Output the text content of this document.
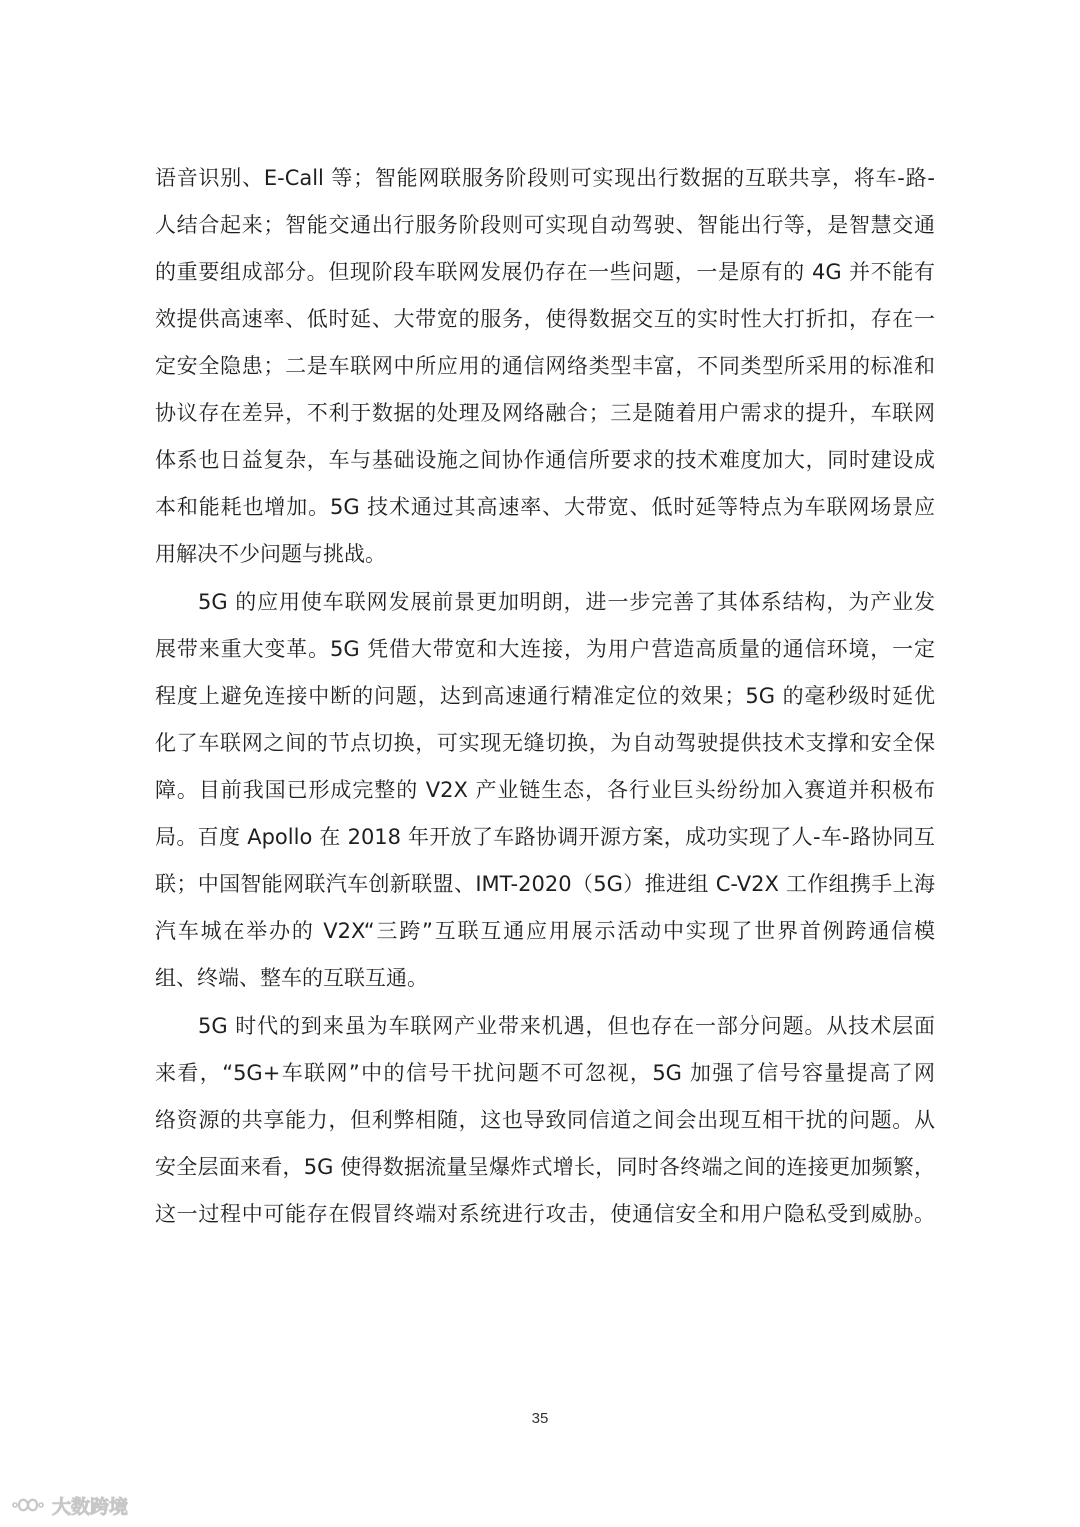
语音识别、E-Call 等；智能网联服务阶段则可实现出行数据的互联共享，将车-路-
人结合起来；智能交通出行服务阶段则可实现自动驾驶、智能出行等，是智慧交通
的重要组成部分。但现阶段车联网发展仍存在一些问题，一是原有的 4G 并不能有
效提供高速率、低时延、大带宽的服务，使得数据交互的实时性大打折扣，存在一
定安全隐患；二是车联网中所应用的通信网络类型丰富，不同类型所采用的标准和
协议存在差异，不利于数据的处理及网络融合；三是随着用户需求的提升，车联网
体系也日益复杂，车与基础设施之间协作通信所要求的技术难度加大，同时建设成
本和能耗也增加。5G 技术通过其高速率、大带宽、低时延等特点为车联网场景应
用解决不少问题与挑战。
5G 的应用使车联网发展前景更加明朗，进一步完善了其体系结构，为产业发
展带来重大变革。5G 凭借大带宽和大连接，为用户营造高质量的通信环境，一定
程度上避免连接中断的问题，达到高速通行精准定位的效果；5G 的毫秒级时延优
化了车联网之间的节点切换，可实现无缝切换，为自动驾驶提供技术支撑和安全保
障。目前我国已形成完整的 V2X 产业链生态，各行业巨头纷纷加入赛道并积极布
局。百度 Apollo 在 2018 年开放了车路协调开源方案，成功实现了人-车-路协同互
联；中国智能网联汽车创新联盟、IMT-2020（5G）推进组 C-V2X 工作组携手上海
汽车城在举办的 V2X“三跨”互联互通应用展示活动中实现了世界首例跨通信模
组、终端、整车的互联互通。
5G 时代的到来虽为车联网产业带来机遇，但也存在一部分问题。从技术层面
来看，“5G+车联网”中的信号干扰问题不可忽视，5G 加强了信号容量提高了网
络资源的共享能力，但利弊相随，这也导致同信道之间会出现互相干扰的问题。从
安全层面来看，5G 使得数据流量呈爆炸式增长，同时各终端之间的连接更加频繁，
这一过程中可能存在假冒终端对系统进行攻击，使通信安全和用户隐私受到威胁。
35
大数跨境
